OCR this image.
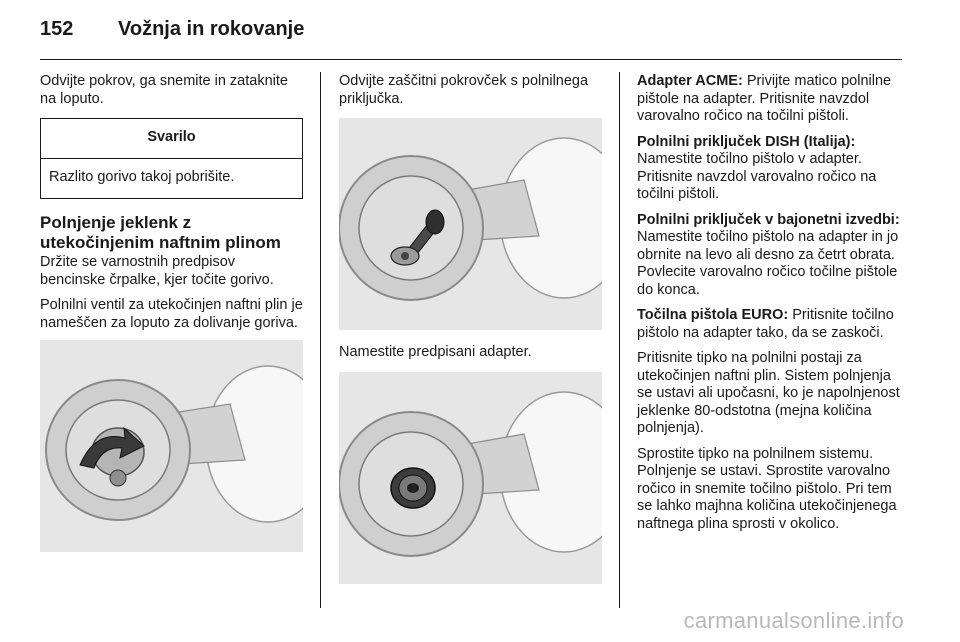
152	Vožnja in rokovanje

Odvijte pokrov, ga snemite in zataknite na loputo.

Svarilo
Razlito gorivo takoj pobrišite.
Polnjenje jeklenk z utekočinjenim naftnim plinom

Držite se varnostnih predpisov bencinske črpalke, kjer točite gorivo.

Polnilni ventil za utekočinjen naftni plin je nameščen za loputo za dolivanje goriva.

Odvijte zaščitni pokrovček s polnilnega priključka.

Namestite predpisani adapter.

Adapter ACME: Privijte matico polnilne pištole na adapter. Pritisnite navzdol varovalno ročico na točilni pištoli.

Polnilni priključek DISH (Italija): Namestite točilno pištolo v adapter. Pritisnite navzdol varovalno ročico na točilni pištoli.

Polnilni priključek v bajonetni izvedbi: Namestite točilno pištolo na adapter in jo obrnite na levo ali desno za četrt obrata. Povlecite varovalno ročico točilne pištole do konca.

Točilna pištola EURO: Pritisnite točilno pištolo na adapter tako, da se zaskoči.

Pritisnite tipko na polnilni postaji za utekočinjen naftni plin. Sistem polnjenja se ustavi ali upočasni, ko je napolnjenost jeklenke 80-odstotna (mejna količina polnjenja).

Sprostite tipko na polnilnem sistemu. Polnjenje se ustavi. Sprostite varovalno ročico in snemite točilno pištolo. Pri tem se lahko majhna količina utekočinjenega naftnega plina sprosti v okolico.

carmanualsonline.info
